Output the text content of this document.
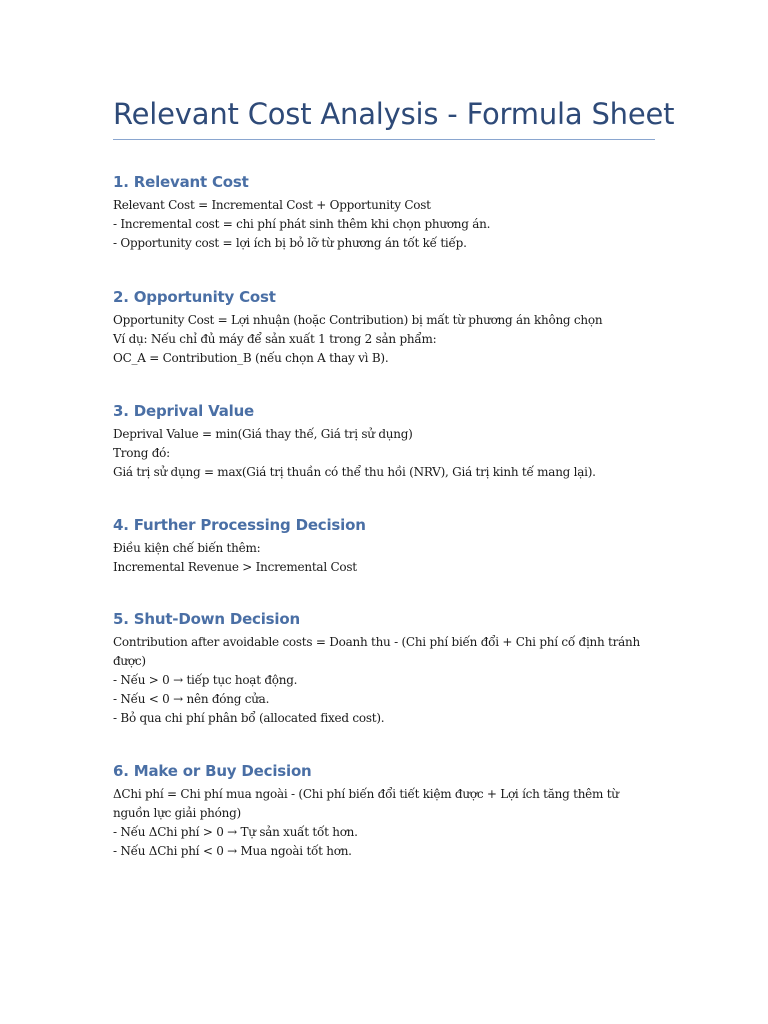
Relevant Cost Analysis - Formula Sheet
1. Relevant Cost

Relevant Cost = Incremental Cost + Opportunity Cost

- Incremental cost = chi phí phát sinh thêm khi chọn phương án.

- Opportunity cost = lợi ích bị bỏ lỡ từ phương án tốt kế tiếp.

2. Opportunity Cost

Opportunity Cost = Lợi nhuận (hoặc Contribution) bị mất từ phương án không chọn

Ví dụ: Nếu chỉ đủ máy để sản xuất 1 trong 2 sản phẩm:

OC_A = Contribution_B (nếu chọn A thay vì B).

3. Deprival Value

Deprival Value = min(Giá thay thế, Giá trị sử dụng)

Trong đó:

Giá trị sử dụng = max(Giá trị thuần có thể thu hồi (NRV), Giá trị kinh tế mang lại).

4. Further Processing Decision

Điều kiện chế biến thêm:

Incremental Revenue > Incremental Cost

5. Shut-Down Decision

Contribution after avoidable costs = Doanh thu - (Chi phí biến đổi + Chi phí cố định tránh được)

- Nếu > 0 → tiếp tục hoạt động.

- Nếu < 0 → nên đóng cửa.

- Bỏ qua chi phí phân bổ (allocated fixed cost).

6. Make or Buy Decision

ΔChi phí = Chi phí mua ngoài - (Chi phí biến đổi tiết kiệm được + Lợi ích tăng thêm từ nguồn lực giải phóng)

- Nếu ΔChi phí > 0 → Tự sản xuất tốt hơn.

- Nếu ΔChi phí < 0 → Mua ngoài tốt hơn.
